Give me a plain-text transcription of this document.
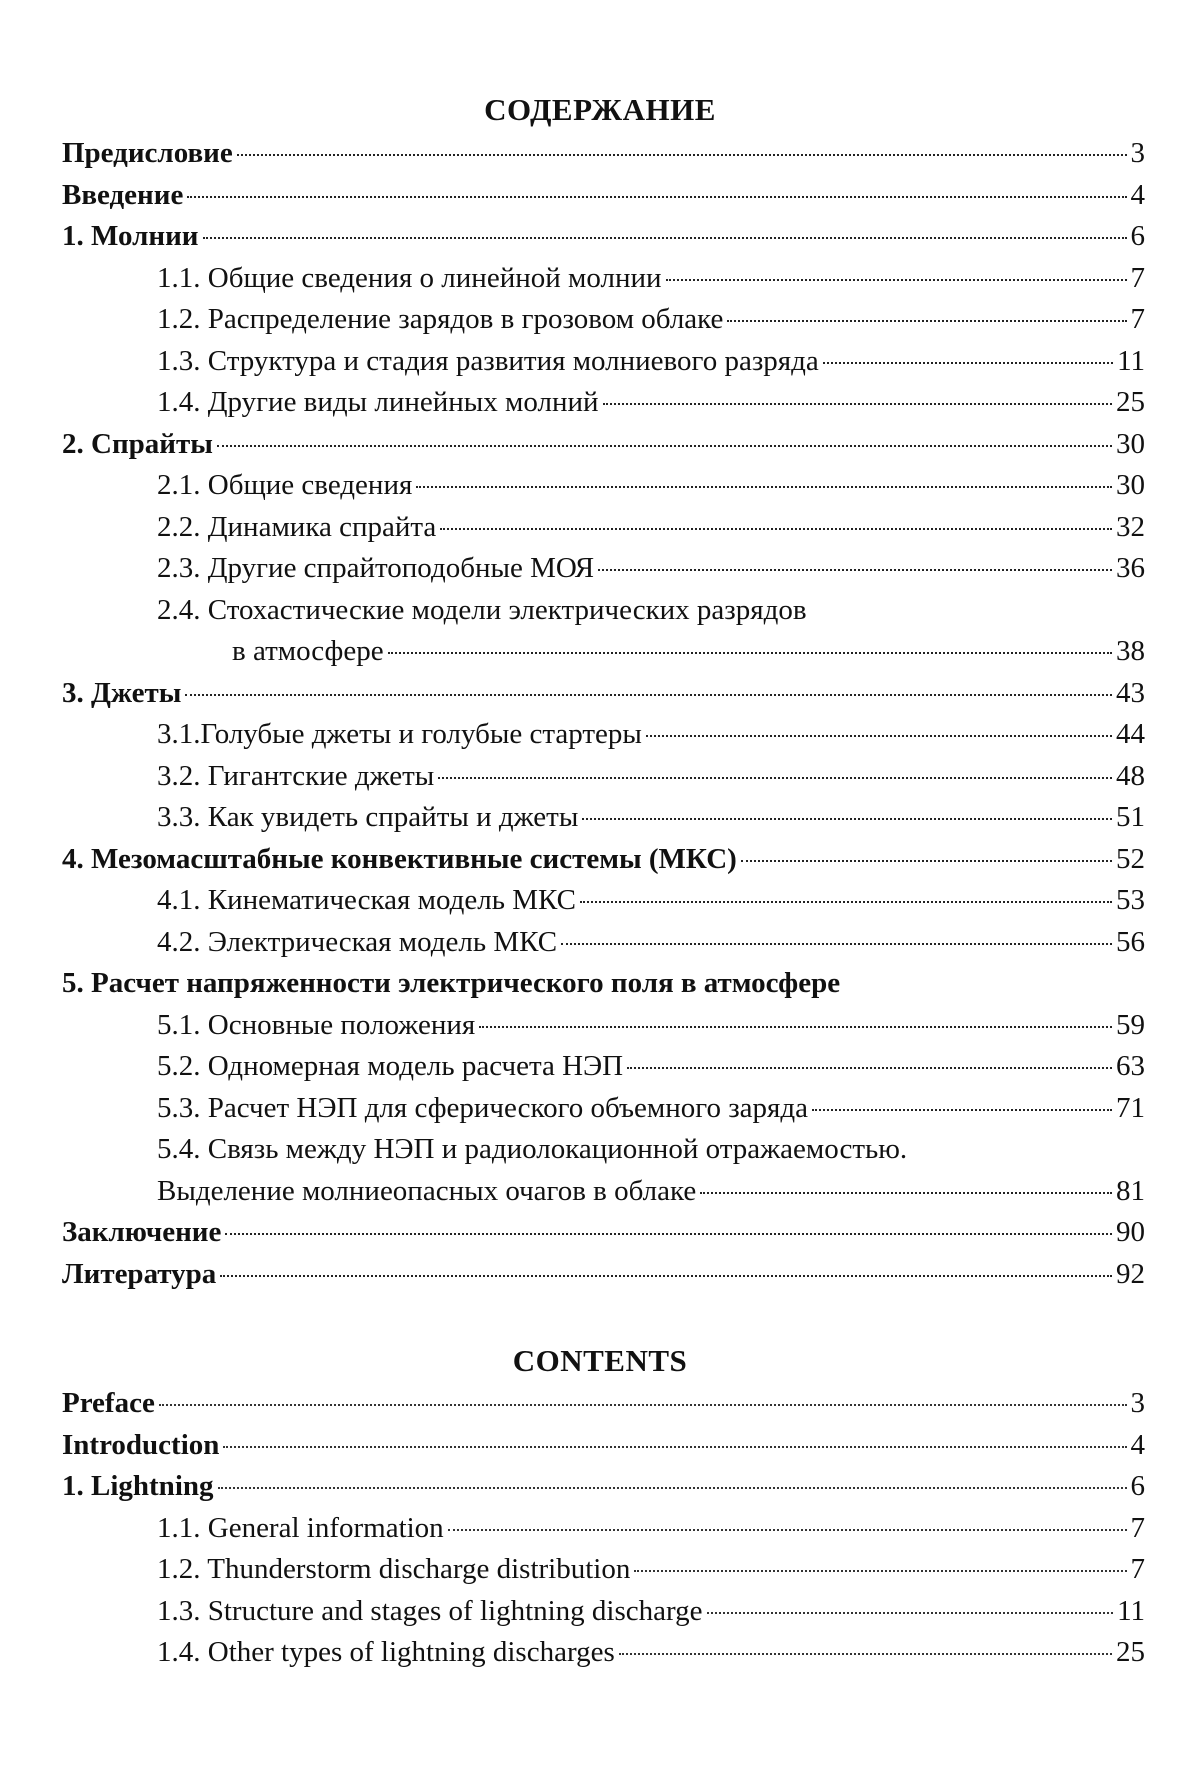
СОДЕРЖАНИЕ
Предисловие	3
Введение	4
1. Молнии	6
1.1. Общие сведения о линейной молнии	7
1.2. Распределение зарядов в грозовом облаке	7
1.3. Структура и стадия развития молниевого разряда	11
1.4. Другие виды линейных молний	25
2. Спрайты	30
2.1. Общие сведения	30
2.2. Динамика спрайта	32
2.3. Другие спрайтоподобные МОЯ	36
2.4. Стохастические модели электрических разрядов
в атмосфере	38
3. Джеты	43
3.1.Голубые джеты и голубые стартеры	44
3.2. Гигантские джеты	48
3.3. Как увидеть спрайты и джеты	51
4. Мезомасштабные конвективные системы (МКС)	52
4.1. Кинематическая модель МКС	53
4.2. Электрическая модель МКС	56
5. Расчет напряженности электрического поля в атмосфере
5.1. Основные положения	59
5.2. Одномерная модель расчета НЭП	63
5.3. Расчет НЭП для сферического объемного заряда	71
5.4. Связь между НЭП и радиолокационной отражаемостью.
Выделение молниеопасных очагов в облаке	81
Заключение	90
Литература	92
CONTENTS
Preface	3
Introduction	4
1. Lightning	6
1.1. General information	7
1.2. Thunderstorm discharge distribution	7
1.3. Structure and stages of lightning discharge	11
1.4. Other types of lightning discharges	25
